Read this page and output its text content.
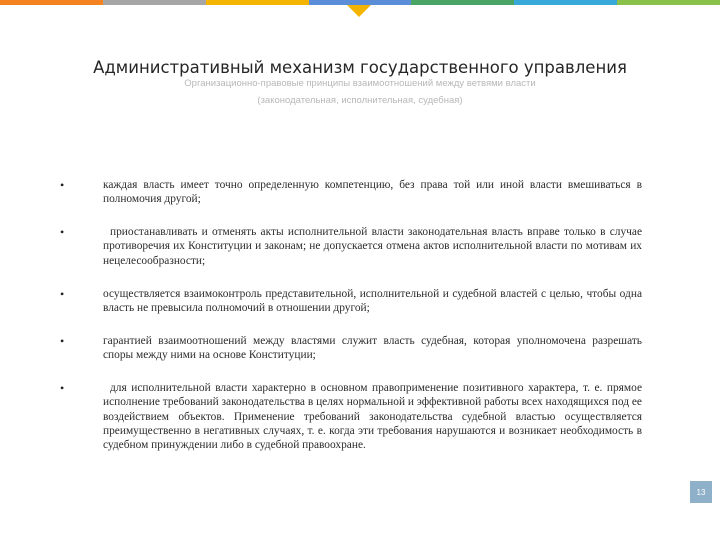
Административный механизм государственного управления
Организационно-правовые принципы взаимоотношений между ветвями власти
(законодательная, исполнительная, судебная)
•	каждая власть имеет точно определенную компетенцию, без права той или иной власти вмешиваться в полномочия другой;
•	приостанавливать и отменять акты исполнительной власти законодательная власть вправе только в случае противоречия их Конституции и законам; не допускается отмена актов исполнительной власти по мотивам их нецелесообразности;
•	осуществляется взаимоконтроль представительной, исполнительной и судебной властей с целью, чтобы одна власть не превысила полномочий в отношении другой;
•	гарантией взаимоотношений между властями служит власть судебная, которая уполномочена разрешать споры между ними на основе Конституции;
•	для исполнительной власти характерно в основном правоприменение позитивного характера, т. е. прямое исполнение требований законодательства в целях нормальной и эффективной работы всех находящихся под ее воздействием объектов. Применение требований законодательства судебной властью осуществляется преимущественно в негативных случаях, т. е. когда эти требования нарушаются и возникает необходимость в судебном принуждении либо в судебной правоохране.
13
